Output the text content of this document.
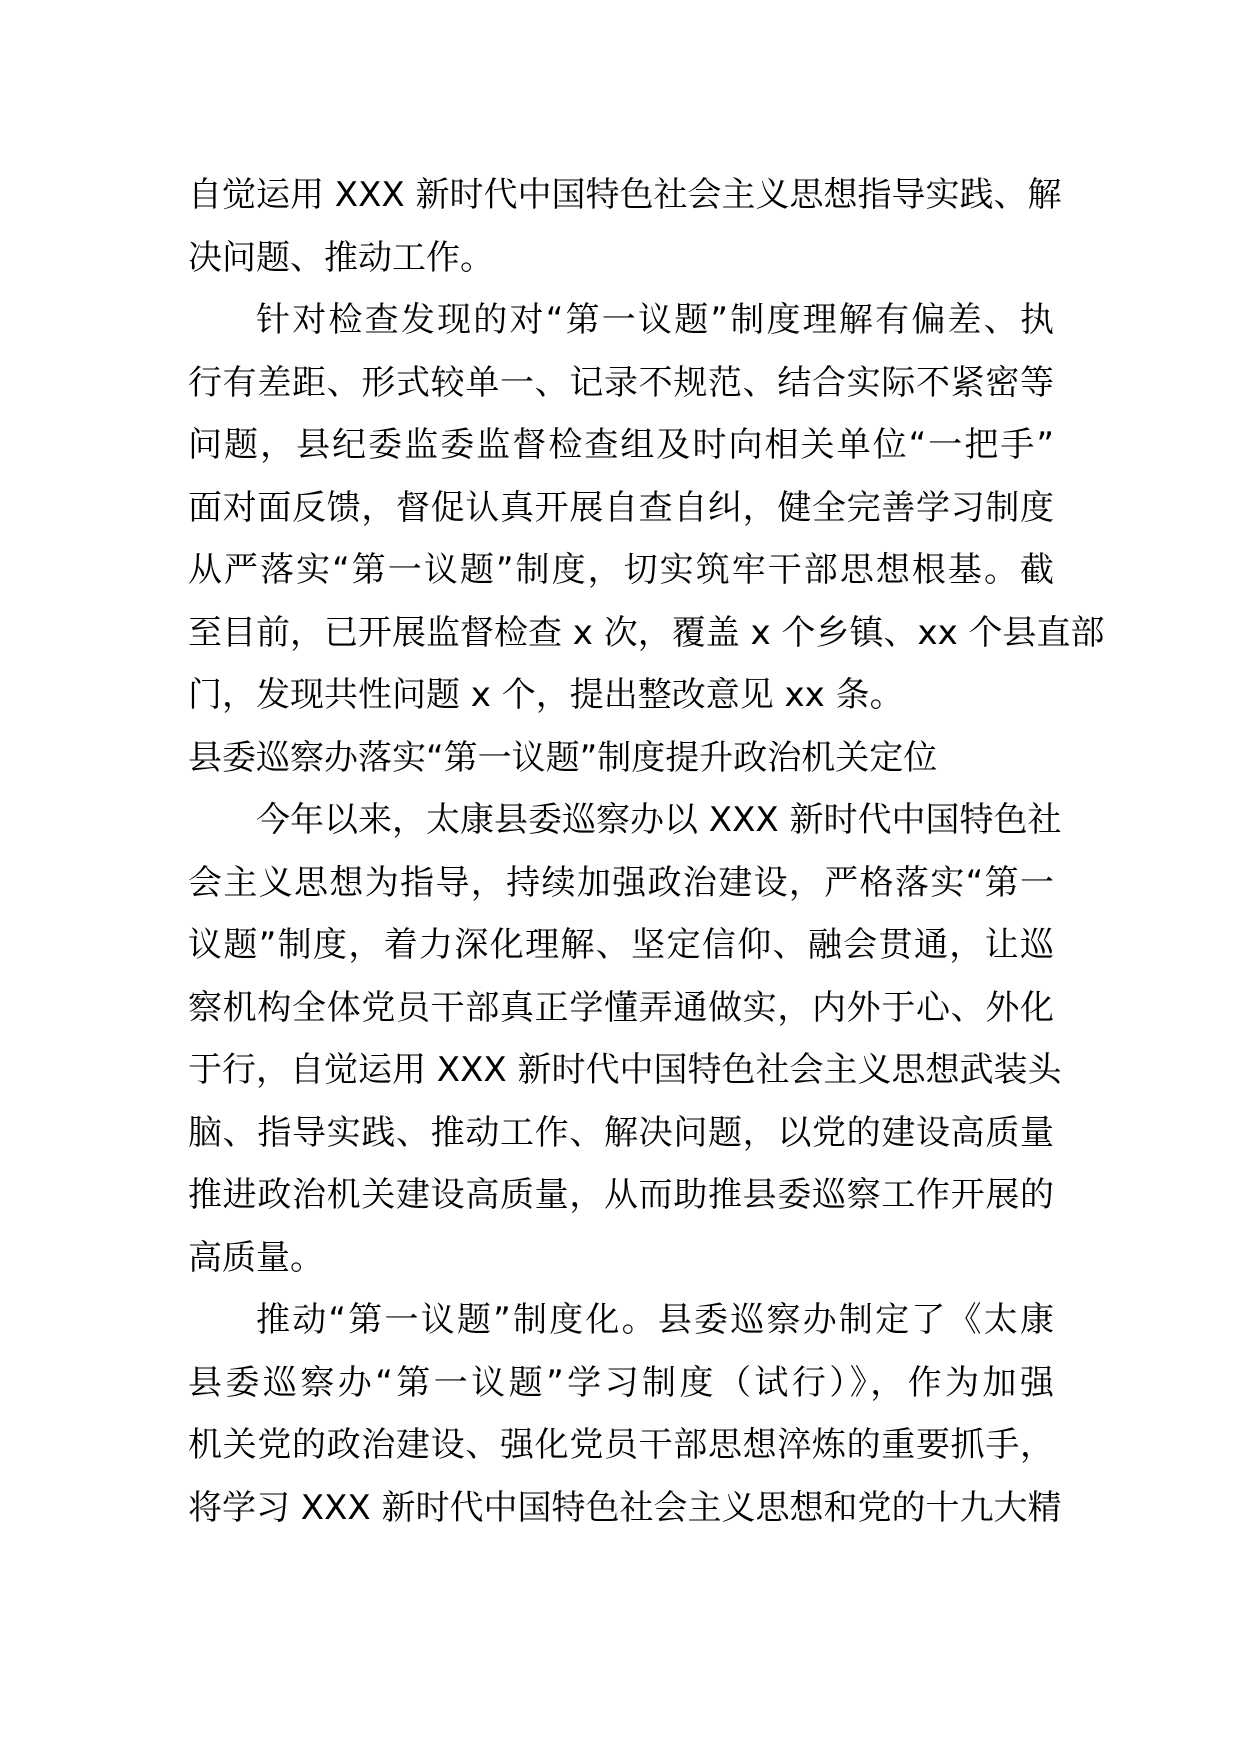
自觉运用 XXX 新时代中国特色社会主义思想指导实践、解
决问题、推动工作。
针对检查发现的对“第一议题”制度理解有偏差、执
行有差距、形式较单一、记录不规范、结合实际不紧密等
问题，县纪委监委监督检查组及时向相关单位“一把手”
面对面反馈，督促认真开展自查自纠，健全完善学习制度
从严落实“第一议题”制度，切实筑牢干部思想根基。截
至目前，已开展监督检查 x 次，覆盖 x 个乡镇、xx 个县直部
门，发现共性问题 x 个，提出整改意见 xx 条。
县委巡察办落实“第一议题”制度提升政治机关定位
今年以来，太康县委巡察办以 XXX 新时代中国特色社
会主义思想为指导，持续加强政治建设，严格落实“第一
议题”制度，着力深化理解、坚定信仰、融会贯通，让巡
察机构全体党员干部真正学懂弄通做实，内外于心、外化
于行，自觉运用 XXX 新时代中国特色社会主义思想武装头
脑、指导实践、推动工作、解决问题，以党的建设高质量
推进政治机关建设高质量，从而助推县委巡察工作开展的
高质量。
推动“第一议题”制度化。县委巡察办制定了《太康
县委巡察办“第一议题”学习制度（试行）》，作为加强
机关党的政治建设、强化党员干部思想淬炼的重要抓手，
将学习 XXX 新时代中国特色社会主义思想和党的十九大精
